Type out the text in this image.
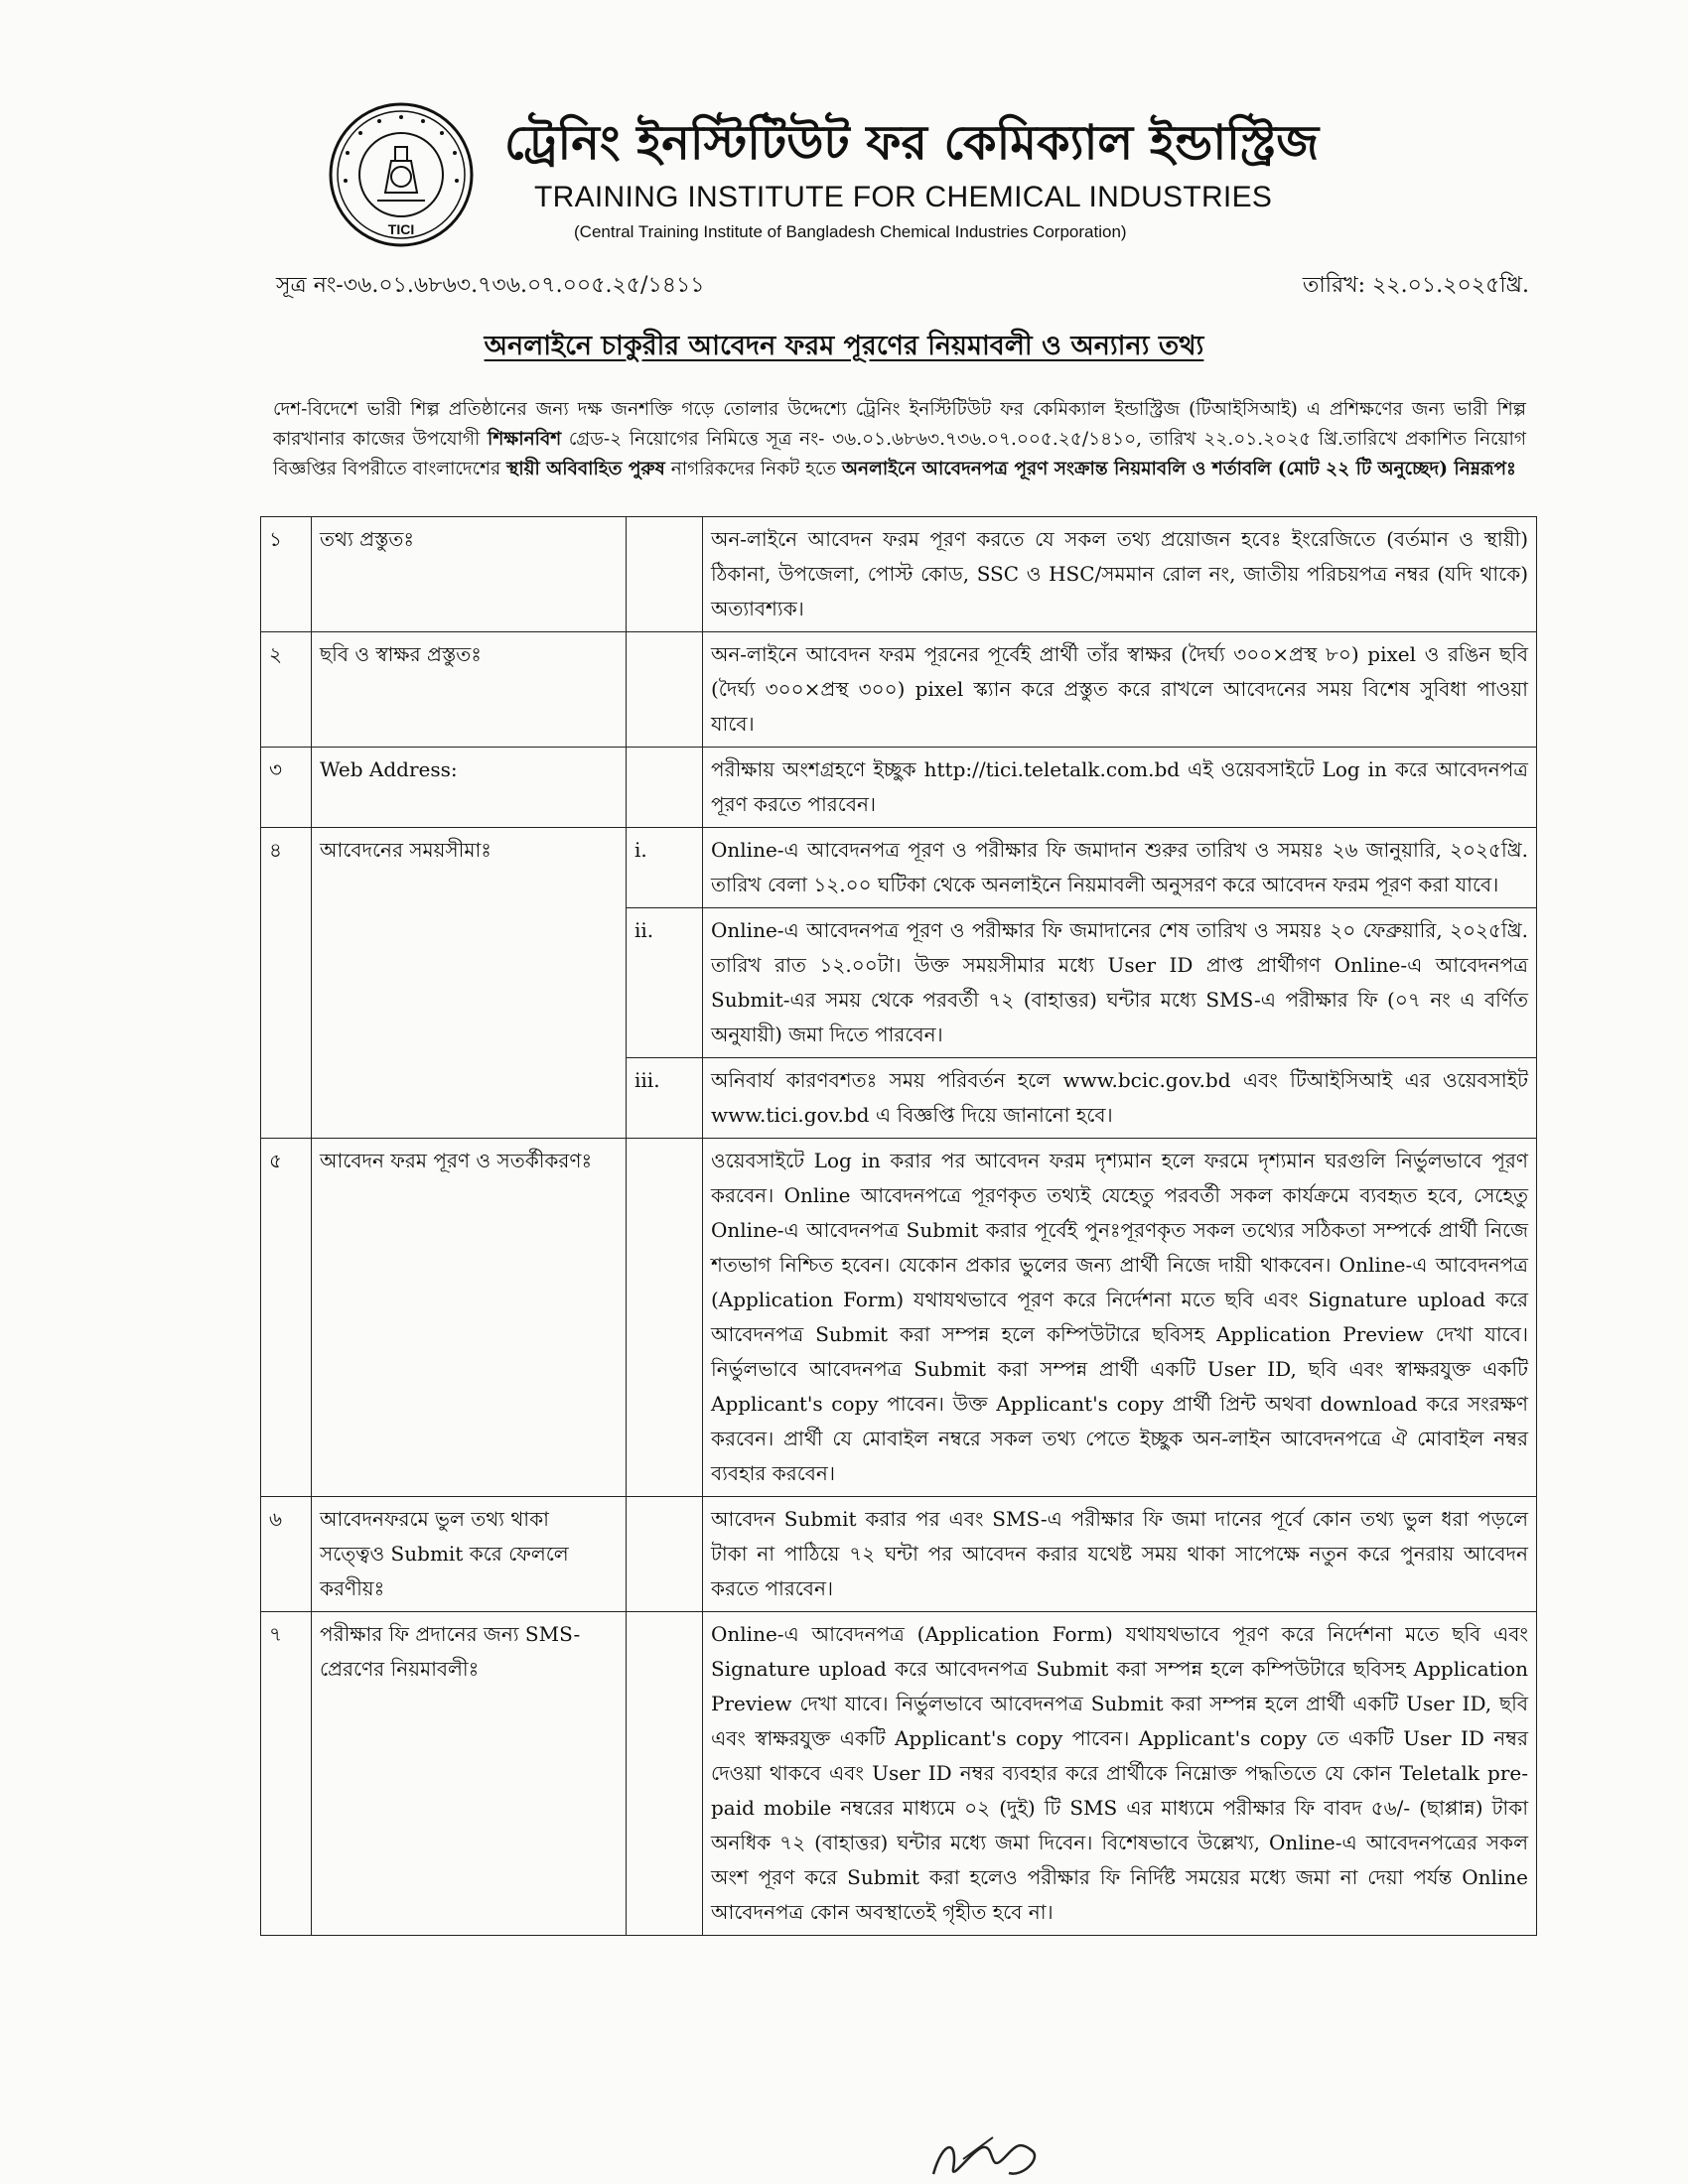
TICI
ট্রেনিং ইনস্টিটিউট ফর কেমিক্যাল ইন্ডাস্ট্রিজ
TRAINING INSTITUTE FOR CHEMICAL INDUSTRIES
(Central Training Institute of Bangladesh Chemical Industries Corporation)
সূত্র নং-৩৬.০১.৬৮৬৩.৭৩৬.০৭.০০৫.২৫/১৪১১	তারিখ: ২২.০১.২০২৫খ্রি.
অনলাইনে চাকুরীর আবেদন ফরম পূরণের নিয়মাবলী ও অন্যান্য তথ্য
দেশ-বিদেশে ভারী শিল্প প্রতিষ্ঠানের জন্য দক্ষ জনশক্তি গড়ে তোলার উদ্দেশ্যে ট্রেনিং ইনস্টিটিউট ফর কেমিক্যাল ইন্ডাস্ট্রিজ (টিআইসিআই) এ প্রশিক্ষণের জন্য ভারী শিল্প কারখানার কাজের উপযোগী শিক্ষানবিশ গ্রেড-২ নিয়োগের নিমিত্তে সূত্র নং- ৩৬.০১.৬৮৬৩.৭৩৬.০৭.০০৫.২৫/১৪১০, তারিখ ২২.০১.২০২৫ খ্রি.তারিখে প্রকাশিত নিয়োগ বিজ্ঞপ্তির বিপরীতে বাংলাদেশের স্থায়ী অবিবাহিত পুরুষ নাগরিকদের নিকট হতে অনলাইনে আবেদনপত্র পূরণ সংক্রান্ত নিয়মাবলি ও শর্তাবলি (মোট ২২ টি অনুচ্ছেদ) নিম্নরূপঃ
১	তথ্য প্রস্তুতঃ		অন-লাইনে আবেদন ফরম পূরণ করতে যে সকল তথ্য প্রয়োজন হবেঃ ইংরেজিতে (বর্তমান ও স্থায়ী) ঠিকানা, উপজেলা, পোস্ট কোড, SSC ও HSC/সমমান রোল নং, জাতীয় পরিচয়পত্র নম্বর (যদি থাকে) অত্যাবশ্যক।
২	ছবি ও স্বাক্ষর প্রস্তুতঃ		অন-লাইনে আবেদন ফরম পূরনের পূর্বেই প্রার্থী তাঁর স্বাক্ষর (দৈর্ঘ্য ৩০০×প্রস্থ ৮০) pixel ও রঙিন ছবি (দৈর্ঘ্য ৩০০×প্রস্থ ৩০০) pixel স্ক্যান করে প্রস্তুত করে রাখলে আবেদনের সময় বিশেষ সুবিধা পাওয়া যাবে।
৩	Web Address:		পরীক্ষায় অংশগ্রহণে ইচ্ছুক http://tici.teletalk.com.bd এই ওয়েবসাইটে Log in করে আবেদনপত্র পূরণ করতে পারবেন।
৪	আবেদনের সময়সীমাঃ	i.	Online-এ আবেদনপত্র পূরণ ও পরীক্ষার ফি জমাদান শুরুর তারিখ ও সময়ঃ ২৬ জানুয়ারি, ২০২৫খ্রি. তারিখ বেলা ১২.০০ ঘটিকা থেকে অনলাইনে নিয়মাবলী অনুসরণ করে আবেদন ফরম পূরণ করা যাবে।
		ii.	Online-এ আবেদনপত্র পূরণ ও পরীক্ষার ফি জমাদানের শেষ তারিখ ও সময়ঃ ২০ ফেব্রুয়ারি, ২০২৫খ্রি. তারিখ রাত ১২.০০টা। উক্ত সময়সীমার মধ্যে User ID প্রাপ্ত প্রার্থীগণ Online-এ আবেদনপত্র Submit-এর সময় থেকে পরবর্তী ৭২ (বাহাত্তর) ঘন্টার মধ্যে SMS-এ পরীক্ষার ফি (০৭ নং এ বর্ণিত অনুযায়ী) জমা দিতে পারবেন।
		iii.	অনিবার্য কারণবশতঃ সময় পরিবর্তন হলে www.bcic.gov.bd এবং টিআইসিআই এর ওয়েবসাইট www.tici.gov.bd এ বিজ্ঞপ্তি দিয়ে জানানো হবে।
৫	আবেদন ফরম পূরণ ও সতর্কীকরণঃ		ওয়েবসাইটে Log in করার পর আবেদন ফরম দৃশ্যমান হলে ফরমে দৃশ্যমান ঘরগুলি নির্ভুলভাবে পূরণ করবেন। Online আবেদনপত্রে পূরণকৃত তথ্যই যেহেতু পরবর্তী সকল কার্যক্রমে ব্যবহৃত হবে, সেহেতু Online-এ আবেদনপত্র Submit করার পূর্বেই পুনঃপূরণকৃত সকল তথ্যের সঠিকতা সম্পর্কে প্রার্থী নিজে শতভাগ নিশ্চিত হবেন। যেকোন প্রকার ভুলের জন্য প্রার্থী নিজে দায়ী থাকবেন। Online-এ আবেদনপত্র (Application Form) যথাযথভাবে পূরণ করে নির্দেশনা মতে ছবি এবং Signature upload করে আবেদনপত্র Submit করা সম্পন্ন হলে কম্পিউটারে ছবিসহ Application Preview দেখা যাবে। নির্ভুলভাবে আবেদনপত্র Submit করা সম্পন্ন প্রার্থী একটি User ID, ছবি এবং স্বাক্ষরযুক্ত একটি Applicant's copy পাবেন। উক্ত Applicant's copy প্রার্থী প্রিন্ট অথবা download করে সংরক্ষণ করবেন। প্রার্থী যে মোবাইল নম্বরে সকল তথ্য পেতে ইচ্ছুক অন-লাইন আবেদনপত্রে ঐ মোবাইল নম্বর ব্যবহার করবেন।
৬	আবেদনফরমে ভুল তথ্য থাকা সত্ত্বেও Submit করে ফেললে করণীয়ঃ		আবেদন Submit করার পর এবং SMS-এ পরীক্ষার ফি জমা দানের পূর্বে কোন তথ্য ভুল ধরা পড়লে টাকা না পাঠিয়ে ৭২ ঘন্টা পর আবেদন করার যথেষ্ট সময় থাকা সাপেক্ষে নতুন করে পুনরায় আবেদন করতে পারবেন।
৭	পরীক্ষার ফি প্রদানের জন্য SMS-প্রেরণের নিয়মাবলীঃ		Online-এ আবেদনপত্র (Application Form) যথাযথভাবে পূরণ করে নির্দেশনা মতে ছবি এবং Signature upload করে আবেদনপত্র Submit করা সম্পন্ন হলে কম্পিউটারে ছবিসহ Application Preview দেখা যাবে। নির্ভুলভাবে আবেদনপত্র Submit করা সম্পন্ন হলে প্রার্থী একটি User ID, ছবি এবং স্বাক্ষরযুক্ত একটি Applicant's copy পাবেন। Applicant's copy তে একটি User ID নম্বর দেওয়া থাকবে এবং User ID নম্বর ব্যবহার করে প্রার্থীকে নিম্নোক্ত পদ্ধতিতে যে কোন Teletalk pre-paid mobile নম্বরের মাধ্যমে ০২ (দুই) টি SMS এর মাধ্যমে পরীক্ষার ফি বাবদ ৫৬/- (ছাপ্পান্ন) টাকা অনধিক ৭২ (বাহাত্তর) ঘন্টার মধ্যে জমা দিবেন। বিশেষভাবে উল্লেখ্য, Online-এ আবেদনপত্রের সকল অংশ পূরণ করে Submit করা হলেও পরীক্ষার ফি নির্দিষ্ট সময়ের মধ্যে জমা না দেয়া পর্যন্ত Online আবেদনপত্র কোন অবস্থাতেই গৃহীত হবে না।
